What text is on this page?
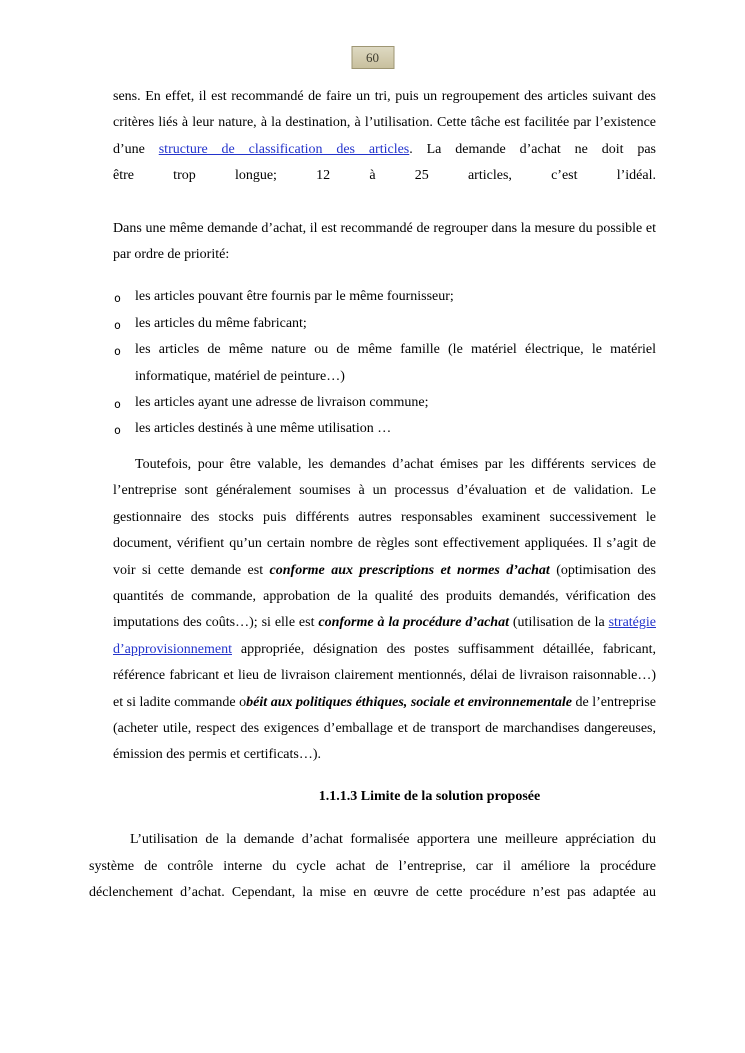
60

sens. En effet, il est recommandé de faire un tri, puis un regroupement des articles suivant des critères liés à leur nature, à la destination, à l’utilisation. Cette tâche est facilitée par l’existence d’une structure de classification des articles. La demande d’achat ne doit pas

être trop longue; 12 à 25 articles, c’est l’idéal.

Dans une même demande d’achat, il est recommandé de regrouper dans la mesure du possible et par ordre de priorité:

o les articles pouvant être fournis par le même fournisseur;
o les articles du même fabricant;
o les articles de même nature ou de même famille (le matériel électrique, le matériel informatique, matériel de peinture…)
o les articles ayant une adresse de livraison commune;
o les articles destinés à une même utilisation …

Toutefois, pour être valable, les demandes d’achat émises par les différents services de l’entreprise sont généralement soumises à un processus d’évaluation et de validation. Le gestionnaire des stocks puis différents autres responsables examinent successivement le document, vérifient qu’un certain nombre de règles sont effectivement appliquées. Il s’agit de voir si cette demande est conforme aux prescriptions et normes d’achat (optimisation des quantités de commande, approbation de la qualité des produits demandés, vérification des imputations des coûts…); si elle est conforme à la procédure d’achat (utilisation de la stratégie d’approvisionnement appropriée, désignation des postes suffisamment détaillée, fabricant, référence fabricant et lieu de livraison clairement mentionnés, délai de livraison raisonnable…) et si ladite commande obéit aux politiques éthiques, sociale et environnementale de l’entreprise (acheter utile, respect des exigences d’emballage et de transport de marchandises dangereuses, émission des permis et certificats…).

1.1.1.3 Limite de la solution proposée

L’utilisation de la demande d’achat formalisée apportera une meilleure appréciation du système de contrôle interne du cycle achat de l’entreprise, car il améliore la procédure déclenchement d’achat. Cependant, la mise en œuvre de cette procédure n’est pas adaptée au
